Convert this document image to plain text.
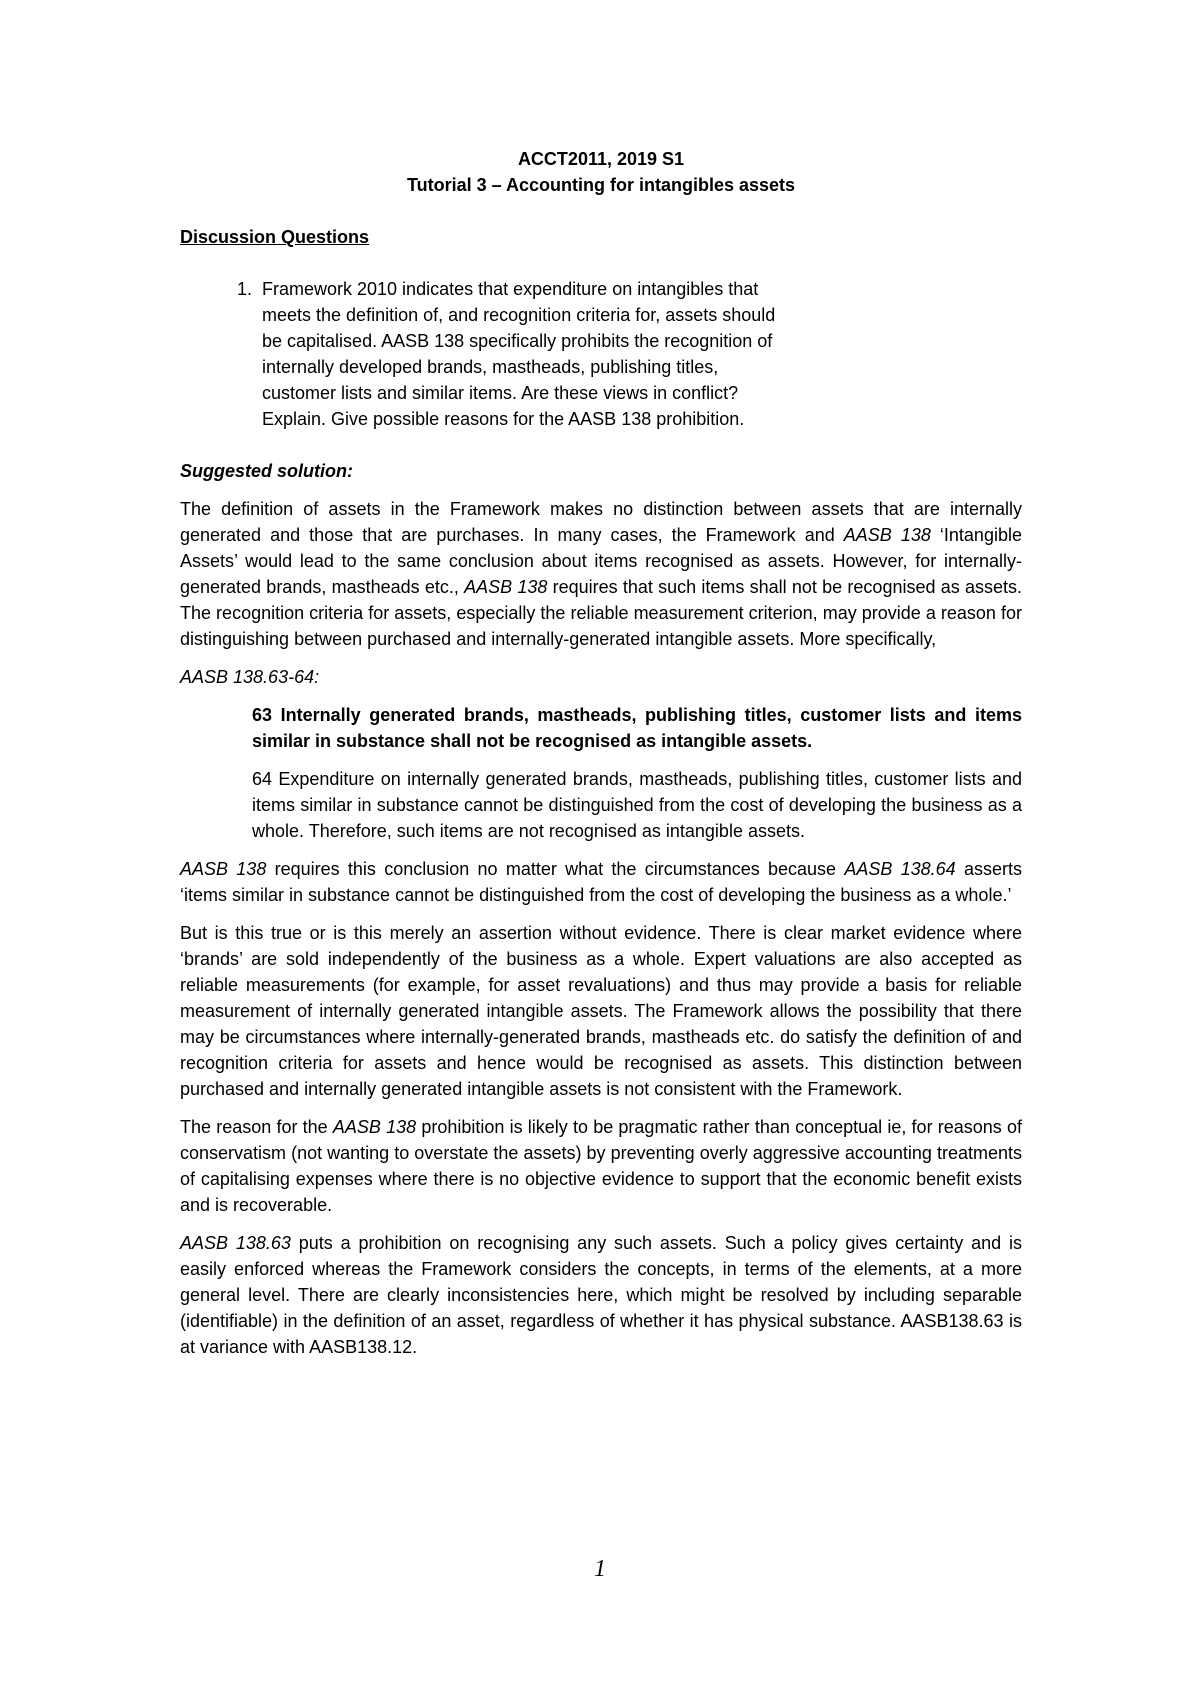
ACCT2011, 2019 S1
Tutorial 3 – Accounting for intangibles assets
Discussion Questions
1. Framework 2010 indicates that expenditure on intangibles that meets the definition of, and recognition criteria for, assets should be capitalised. AASB 138 specifically prohibits the recognition of internally developed brands, mastheads, publishing titles, customer lists and similar items. Are these views in conflict? Explain. Give possible reasons for the AASB 138 prohibition.
Suggested solution:

The definition of assets in the Framework makes no distinction between assets that are internally generated and those that are purchases. In many cases, the Framework and AASB 138 ‘Intangible Assets’ would lead to the same conclusion about items recognised as assets. However, for internally-generated brands, mastheads etc., AASB 138 requires that such items shall not be recognised as assets. The recognition criteria for assets, especially the reliable measurement criterion, may provide a reason for distinguishing between purchased and internally-generated intangible assets. More specifically,

AASB 138.63-64:
63 Internally generated brands, mastheads, publishing titles, customer lists and items similar in substance shall not be recognised as intangible assets.
64 Expenditure on internally generated brands, mastheads, publishing titles, customer lists and items similar in substance cannot be distinguished from the cost of developing the business as a whole. Therefore, such items are not recognised as intangible assets.

AASB 138 requires this conclusion no matter what the circumstances because AASB 138.64 asserts ‘items similar in substance cannot be distinguished from the cost of developing the business as a whole.’

But is this true or is this merely an assertion without evidence. There is clear market evidence where ‘brands’ are sold independently of the business as a whole. Expert valuations are also accepted as reliable measurements (for example, for asset revaluations) and thus may provide a basis for reliable measurement of internally generated intangible assets. The Framework allows the possibility that there may be circumstances where internally-generated brands, mastheads etc. do satisfy the definition of and recognition criteria for assets and hence would be recognised as assets. This distinction between purchased and internally generated intangible assets is not consistent with the Framework.

The reason for the AASB 138 prohibition is likely to be pragmatic rather than conceptual ie, for reasons of conservatism (not wanting to overstate the assets) by preventing overly aggressive accounting treatments of capitalising expenses where there is no objective evidence to support that the economic benefit exists and is recoverable.

AASB 138.63 puts a prohibition on recognising any such assets. Such a policy gives certainty and is easily enforced whereas the Framework considers the concepts, in terms of the elements, at a more general level. There are clearly inconsistencies here, which might be resolved by including separable (identifiable) in the definition of an asset, regardless of whether it has physical substance. AASB138.63 is at variance with AASB138.12.

1
